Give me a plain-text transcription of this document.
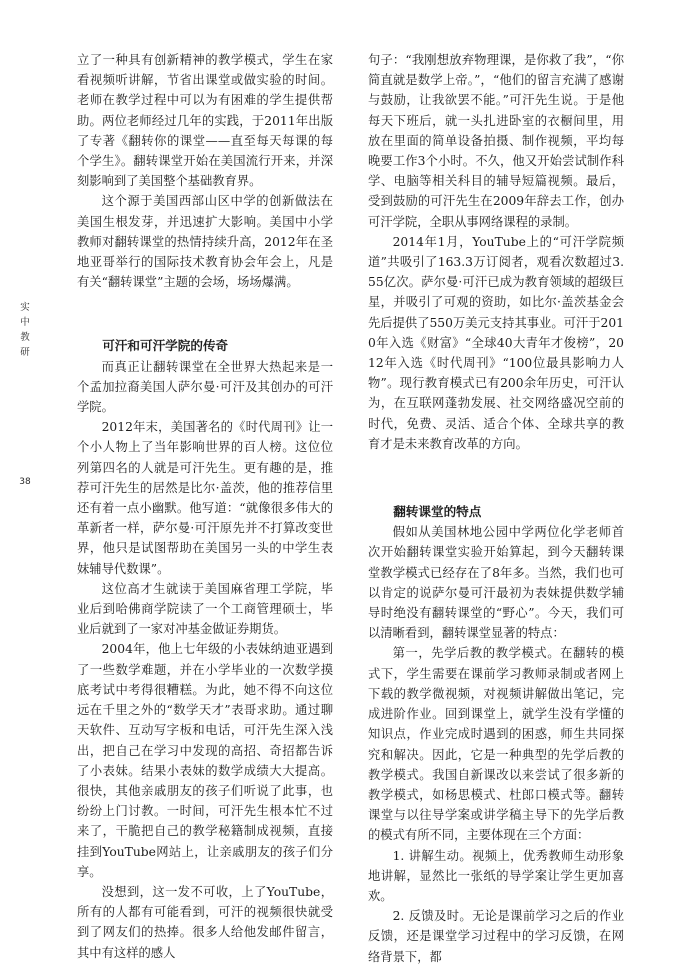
实
中
教
研
38

立了一种具有创新精神的教学模式，学生在家看视频听讲解，节省出课堂或做实验的时间。老师在教学过程中可以为有困难的学生提供帮助。两位老师经过几年的实践，于2011年出版了专著《翻转你的课堂——直至每天每课的每个学生》。翻转课堂开始在美国流行开来，并深刻影响到了美国整个基础教育界。

这个源于美国西部山区中学的创新做法在美国生根发芽，并迅速扩大影响。美国中小学教师对翻转课堂的热情持续升高，2012年在圣地亚哥举行的国际技术教育协会年会上，凡是有关“翻转课堂”主题的会场，场场爆满。

可汗和可汗学院的传奇

而真正让翻转课堂在全世界大热起来是一个孟加拉裔美国人萨尔曼·可汗及其创办的可汗学院。

2012年末，美国著名的《时代周刊》让一个小人物上了当年影响世界的百人榜。这位位列第四名的人就是可汗先生。更有趣的是，推荐可汗先生的居然是比尔·盖茨，他的推荐信里还有着一点小幽默。他写道：“就像很多伟大的革新者一样，萨尔曼·可汗原先并不打算改变世界，他只是试图帮助在美国另一头的中学生表妹辅导代数课”。

这位高才生就读于美国麻省理工学院，毕业后到哈佛商学院读了一个工商管理硕士，毕业后就到了一家对冲基金做证券期货。

2004年，他上七年级的小表妹纳迪亚遇到了一些数学难题，并在小学毕业的一次数学摸底考试中考得很糟糕。为此，她不得不向这位远在千里之外的“数学天才”表哥求助。通过聊天软件、互动写字板和电话，可汗先生深入浅出，把自己在学习中发现的高招、奇招都告诉了小表妹。结果小表妹的数学成绩大大提高。很快，其他亲戚朋友的孩子们听说了此事，也纷纷上门讨教。一时间，可汗先生根本忙不过来了，干脆把自己的教学秘籍制成视频，直接挂到YouTube网站上，让亲戚朋友的孩子们分享。

没想到，这一发不可收，上了YouTube，所有的人都有可能看到，可汗的视频很快就受到了网友们的热捧。很多人给他发邮件留言，其中有这样的感人

句子：“我刚想放弃物理课，是你救了我”，“你简直就是数学上帝。”，“他们的留言充满了感谢与鼓励，让我欲罢不能。”可汗先生说。于是他每天下班后，就一头扎进卧室的衣橱间里，用放在里面的简单设备拍摄、制作视频，平均每晚要工作3个小时。不久，他又开始尝试制作科学、电脑等相关科目的辅导短篇视频。最后，受到鼓励的可汗先生在2009年辞去工作，创办可汗学院，全职从事网络课程的录制。

2014年1月，YouTube上的“可汗学院频道”共吸引了163.3万订阅者，观看次数超过3.55亿次。萨尔曼·可汗已成为教育领域的超级巨星，并吸引了可观的资助，如比尔·盖茨基金会先后提供了550万美元支持其事业。可汗于2010年入选《财富》“全球40大青年才俊榜”，2012年入选《时代周刊》“100位最具影响力人物”。现行教育模式已有200余年历史，可汗认为，在互联网蓬勃发展、社交网络盛况空前的时代，免费、灵活、适合个体、全球共享的教育才是未来教育改革的方向。

翻转课堂的特点

假如从美国林地公园中学两位化学老师首次开始翻转课堂实验开始算起，到今天翻转课堂教学模式已经存在了8年多。当然，我们也可以肯定的说萨尔曼可汗最初为表妹提供数学辅导时绝没有翻转课堂的“野心”。今天，我们可以清晰看到，翻转课堂显著的特点：

第一，先学后教的教学模式。在翻转的模式下，学生需要在课前学习教师录制或者网上下载的教学微视频，对视频讲解做出笔记，完成进阶作业。回到课堂上，就学生没有学懂的知识点，作业完成时遇到的困惑，师生共同探究和解决。因此，它是一种典型的先学后教的教学模式。我国自新课改以来尝试了很多新的教学模式，如杨思模式、杜郎口模式等。翻转课堂与以往导学案或讲学稿主导下的先学后教的模式有所不同，主要体现在三个方面：

1. 讲解生动。视频上，优秀教师生动形象地讲解，显然比一张纸的导学案让学生更加喜欢。

2. 反馈及时。无论是课前学习之后的作业反馈，还是课堂学习过程中的学习反馈，在网络背景下，都
